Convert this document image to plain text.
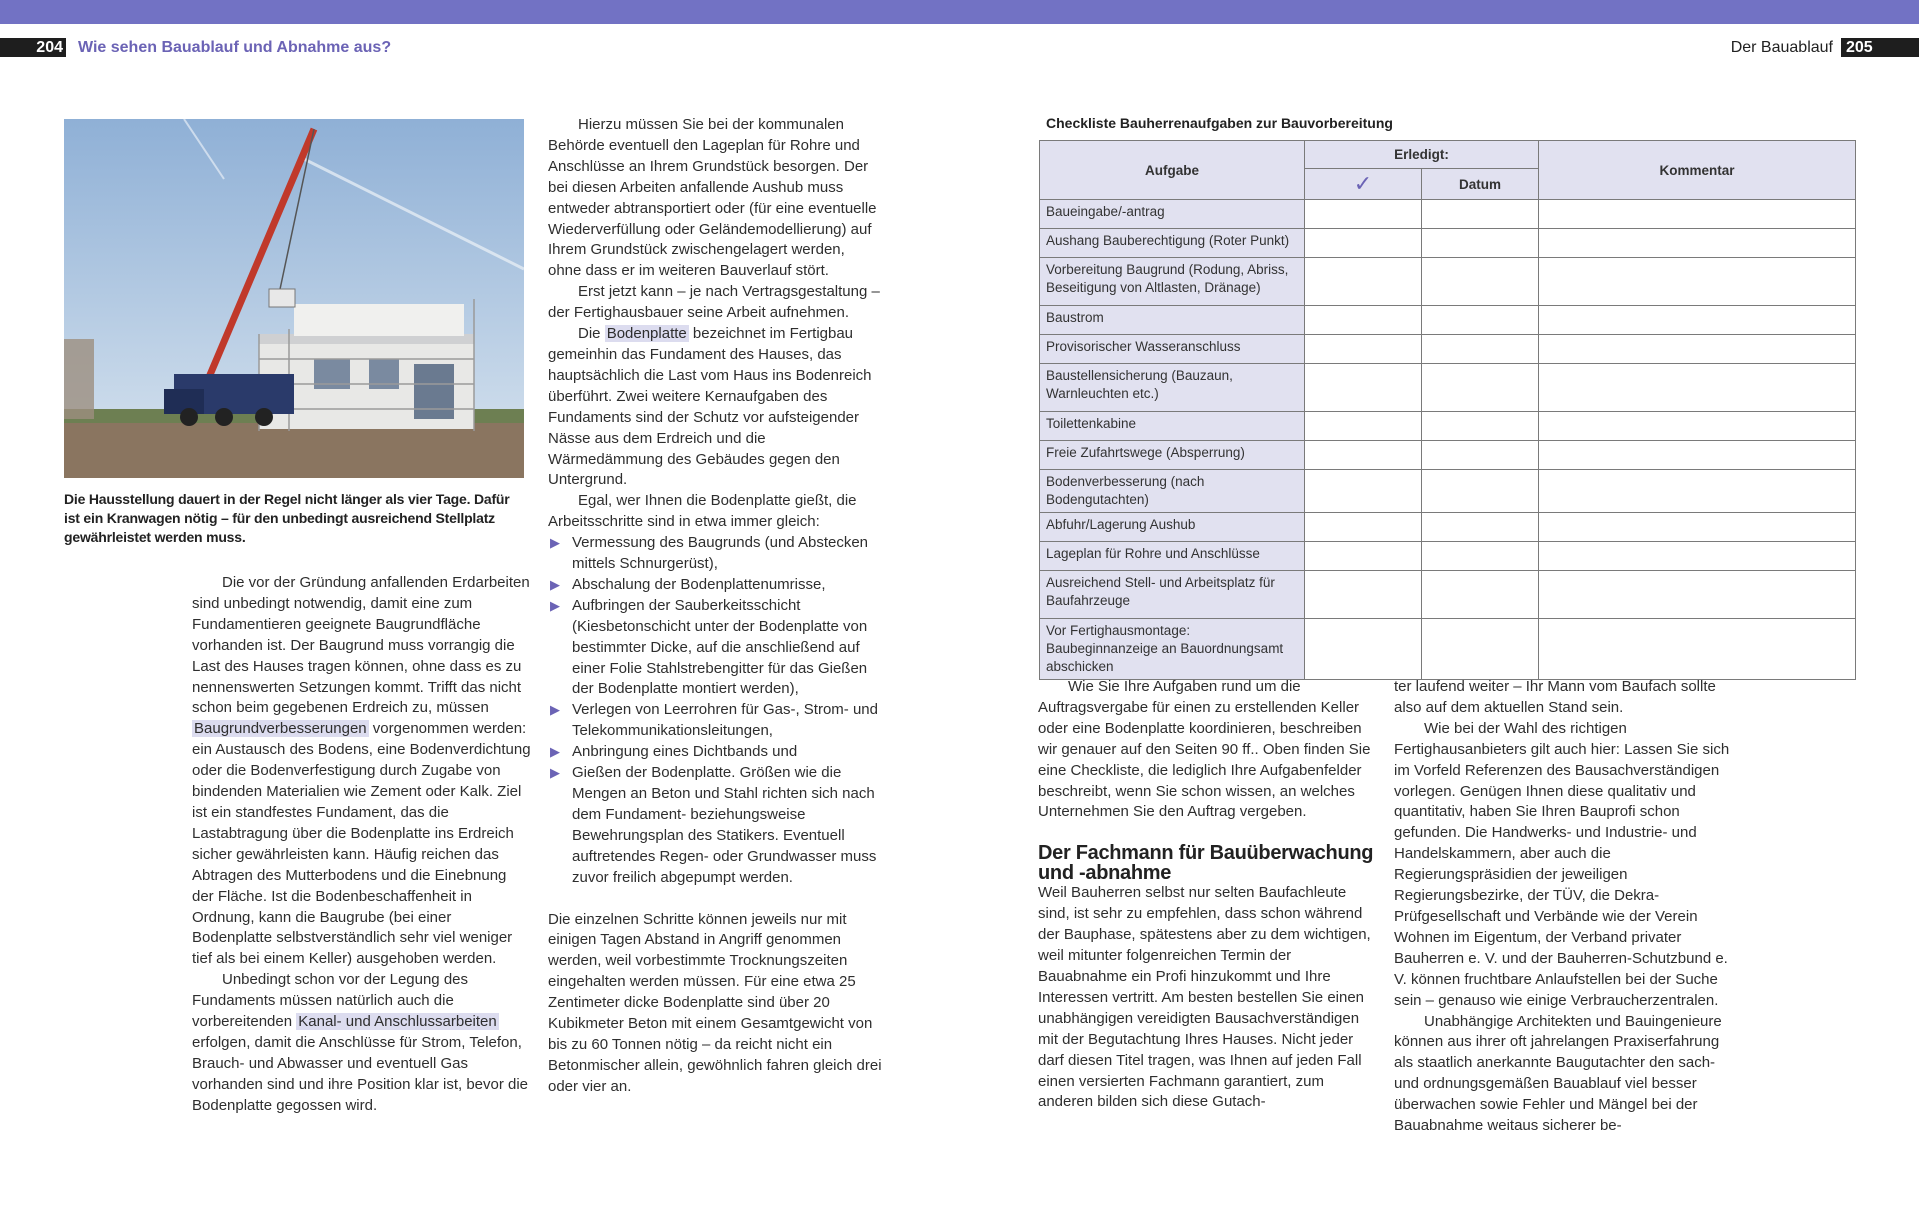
204 Wie sehen Bauablauf und Abnahme aus?	Der Bauablauf 205
Die Hausstellung dauert in der Regel nicht länger als vier Tage. Dafür ist ein Kranwagen nötig – für den unbedingt ausreichend Stellplatz gewährleistet werden muss.

Die vor der Gründung anfallenden Erdarbeiten sind unbedingt notwendig, damit eine zum Fundamentieren geeignete Baugrundfläche vorhanden ist. Der Baugrund muss vorrangig die Last des Hauses tragen können, ohne dass es zu nennenswerten Setzungen kommt. Trifft das nicht schon beim gegebenen Erdreich zu, müssen Baugrundverbesserungen vorgenommen werden: ein Austausch des Bodens, eine Bodenverdichtung oder die Bodenverfestigung durch Zugabe von bindenden Materialien wie Zement oder Kalk. Ziel ist ein standfestes Fundament, das die Lastabtragung über die Bodenplatte ins Erdreich sicher gewährleisten kann. Häufig reichen das Abtragen des Mutterbodens und die Einebnung der Fläche. Ist die Bodenbeschaffenheit in Ordnung, kann die Baugrube (bei einer Bodenplatte selbstverständlich sehr viel weniger tief als bei einem Keller) ausgehoben werden.

Unbedingt schon vor der Legung des Fundaments müssen natürlich auch die vorbereitenden Kanal- und Anschlussarbeiten erfolgen, damit die Anschlüsse für Strom, Telefon, Brauch- und Abwasser und eventuell Gas vorhanden sind und ihre Position klar ist, bevor die Bodenplatte gegossen wird.

Hierzu müssen Sie bei der kommunalen Behörde eventuell den Lageplan für Rohre und Anschlüsse an Ihrem Grundstück besorgen. Der bei diesen Arbeiten anfallende Aushub muss entweder abtransportiert oder (für eine eventuelle Wiederverfüllung oder Geländemodellierung) auf Ihrem Grundstück zwischengelagert werden, ohne dass er im weiteren Bauverlauf stört.

Erst jetzt kann – je nach Vertragsgestaltung – der Fertighausbauer seine Arbeit aufnehmen.

Die Bodenplatte bezeichnet im Fertigbau gemeinhin das Fundament des Hauses, das hauptsächlich die Last vom Haus ins Bodenreich überführt. Zwei weitere Kernaufgaben des Fundaments sind der Schutz vor aufsteigender Nässe aus dem Erdreich und die Wärmedämmung des Gebäudes gegen den Untergrund.

Egal, wer Ihnen die Bodenplatte gießt, die Arbeitsschritte sind in etwa immer gleich:

▶ Vermessung des Baugrunds (und Abstecken mittels Schnurgerüst),
▶ Abschalung der Bodenplattenumrisse,
▶ Aufbringen der Sauberkeitsschicht (Kiesbetonschicht unter der Bodenplatte von bestimmter Dicke, auf die anschließend auf einer Folie Stahlstrebengitter für das Gießen der Bodenplatte montiert werden),
▶ Verlegen von Leerrohren für Gas-, Strom- und Telekommunikationsleitungen,
▶ Anbringung eines Dichtbands und
▶ Gießen der Bodenplatte. Größen wie die Mengen an Beton und Stahl richten sich nach dem Fundament- beziehungsweise Bewehrungsplan des Statikers. Eventuell auftretendes Regen- oder Grundwasser muss zuvor freilich abgepumpt werden.

Die einzelnen Schritte können jeweils nur mit einigen Tagen Abstand in Angriff genommen werden, weil vorbestimmte Trocknungszeiten eingehalten werden müssen. Für eine etwa 25 Zentimeter dicke Bodenplatte sind über 20 Kubikmeter Beton mit einem Gesamtgewicht von bis zu 60 Tonnen nötig – da reicht nicht ein Betonmischer allein, gewöhnlich fahren gleich drei oder vier an.

Checkliste Bauherrenaufgaben zur Bauvorbereitung
Aufgabe	Erledigt:		Kommentar
	✓	Datum	
Baueingabe/-antrag			
Aushang Bauberechtigung (Roter Punkt)			
Vorbereitung Baugrund (Rodung, Abriss, Beseitigung von Altlasten, Dränage)			
Baustrom			
Provisorischer Wasseranschluss			
Baustellensicherung (Bauzaun, Warnleuchten etc.)			
Toilettenkabine			
Freie Zufahrtswege (Absperrung)			
Bodenverbesserung (nach Bodengutachten)			
Abfuhr/Lagerung Aushub			
Lageplan für Rohre und Anschlüsse			
Ausreichend Stell- und Arbeitsplatz für Baufahrzeuge			
Vor Fertighausmontage: Baubeginnanzeige an Bauordnungsamt abschicken			

Wie Sie Ihre Aufgaben rund um die Auftragsvergabe für einen zu erstellenden Keller oder eine Bodenplatte koordinieren, beschreiben wir genauer auf den Seiten 90 ff.. Oben finden Sie eine Checkliste, die lediglich Ihre Aufgabenfelder beschreibt, wenn Sie schon wissen, an welches Unternehmen Sie den Auftrag vergeben.

Der Fachmann für Bauüberwachung und -abnahme

Weil Bauherren selbst nur selten Baufachleute sind, ist sehr zu empfehlen, dass schon während der Bauphase, spätestens aber zu dem wichtigen, weil mitunter folgenreichen Termin der Bauabnahme ein Profi hinzukommt und Ihre Interessen vertritt. Am besten bestellen Sie einen unabhängigen vereidigten Bausachverständigen mit der Begutachtung Ihres Hauses. Nicht jeder darf diesen Titel tragen, was Ihnen auf jeden Fall einen versierten Fachmann garantiert, zum anderen bilden sich diese Gutach-

ter laufend weiter – Ihr Mann vom Baufach sollte also auf dem aktuellen Stand sein.

Wie bei der Wahl des richtigen Fertighausanbieters gilt auch hier: Lassen Sie sich im Vorfeld Referenzen des Bausachverständigen vorlegen. Genügen Ihnen diese qualitativ und quantitativ, haben Sie Ihren Bauprofi schon gefunden. Die Handwerks- und Industrie- und Handelskammern, aber auch die Regierungspräsidien der jeweiligen Regierungsbezirke, der TÜV, die Dekra-Prüfgesellschaft und Verbände wie der Verein Wohnen im Eigentum, der Verband privater Bauherren e. V. und der Bauherren-Schutzbund e. V. können fruchtbare Anlaufstellen bei der Suche sein – genauso wie einige Verbraucherzentralen.

Unabhängige Architekten und Bauingenieure können aus ihrer oft jahrelangen Praxiserfahrung als staatlich anerkannte Baugutachter den sach- und ordnungsgemäßen Bauablauf viel besser überwachen sowie Fehler und Mängel bei der Bauabnahme weitaus sicherer be-
